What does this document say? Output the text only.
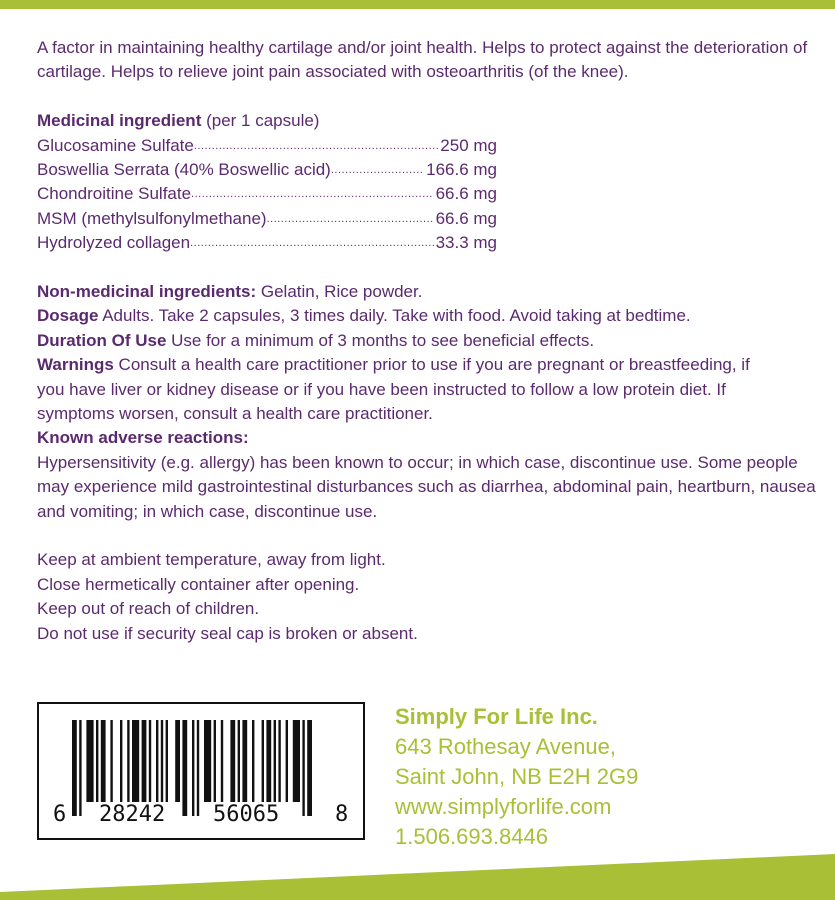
A factor in maintaining healthy cartilage and/or joint health. Helps to protect against the deterioration of cartilage. Helps to relieve joint pain associated with osteoarthritis (of the knee).

Medicinal ingredient (per 1 capsule)

Glucosamine Sulfate .....	250 mg
Boswellia Serrata (40% Boswellic acid) .....	166.6 mg
Chondroitine Sulfate .....	66.6 mg
MSM (methylsulfonylmethane) .....	66.6 mg
Hydrolyzed collagen .....	33.3 mg

Non-medicinal ingredients: Gelatin, Rice powder.

Dosage Adults. Take 2 capsules, 3 times daily. Take with food. Avoid taking at bedtime.

Duration Of Use Use for a minimum of 3 months to see beneficial effects.

Warnings Consult a health care practitioner prior to use if you are pregnant or breastfeeding, if you have liver or kidney disease or if you have been instructed to follow a low protein diet. If symptoms worsen, consult a health care practitioner.

Known adverse reactions:

Hypersensitivity (e.g. allergy) has been known to occur; in which case, discontinue use. Some people may experience mild gastrointestinal disturbances such as diarrhea, abdominal pain, heartburn, nausea and vomiting; in which case, discontinue use.

Keep at ambient temperature, away from light.

Close hermetically container after opening.

Keep out of reach of children.

Do not use if security seal cap is broken or absent.

6 28242 56065	8
Simply For Life Inc.
643 Rothesay Avenue,
Saint John, NB E2H 2G9
www.simplyforlife.com
1.506.693.8446
